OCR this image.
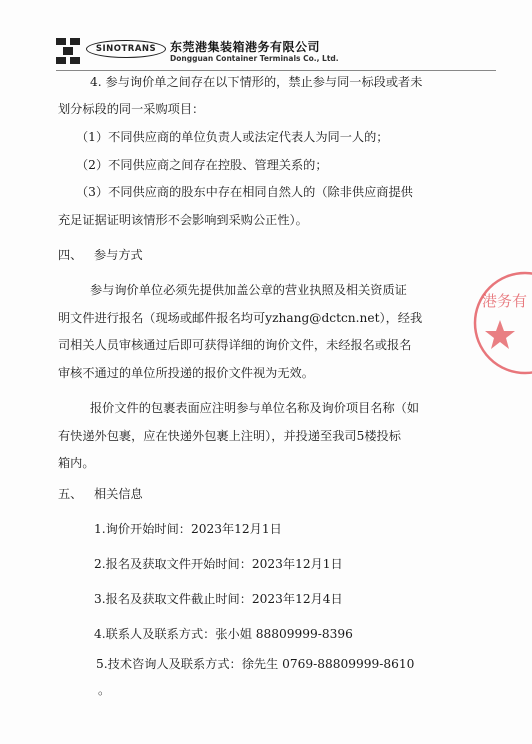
SINOTRANS	东莞港集装箱港务有限公司
Dongguan Container Terminals Co., Ltd.
4. 参与询价单之间存在以下情形的，禁止参与同一标段或者未
划分标段的同一采购项目：
（1）不同供应商的单位负责人或法定代表人为同一人的；
（2）不同供应商之间存在控股、管理关系的；
（3）不同供应商的股东中存在相同自然人的（除非供应商提供
充足证据证明该情形不会影响到采购公正性）。
四、 参与方式
参与询价单位必须先提供加盖公章的营业执照及相关资质证
明文件进行报名（现场或邮件报名均可yzhang@dctcn.net），经我
司相关人员审核通过后即可获得详细的询价文件，未经报名或报名
审核不通过的单位所投递的报价文件视为无效。
报价文件的包裹表面应注明参与单位名称及询价项目名称（如
有快递外包裹，应在快递外包裹上注明），并投递至我司5楼投标
箱内。
五、 相关信息
1.询价开始时间：2023年12月1日
2.报名及获取文件开始时间：2023年12月1日
3.报名及获取文件截止时间：2023年12月4日
4.联系人及联系方式：张小姐 88809999-8396
5.技术咨询人及联系方式：徐先生 0769-88809999-8610
。
港务有
